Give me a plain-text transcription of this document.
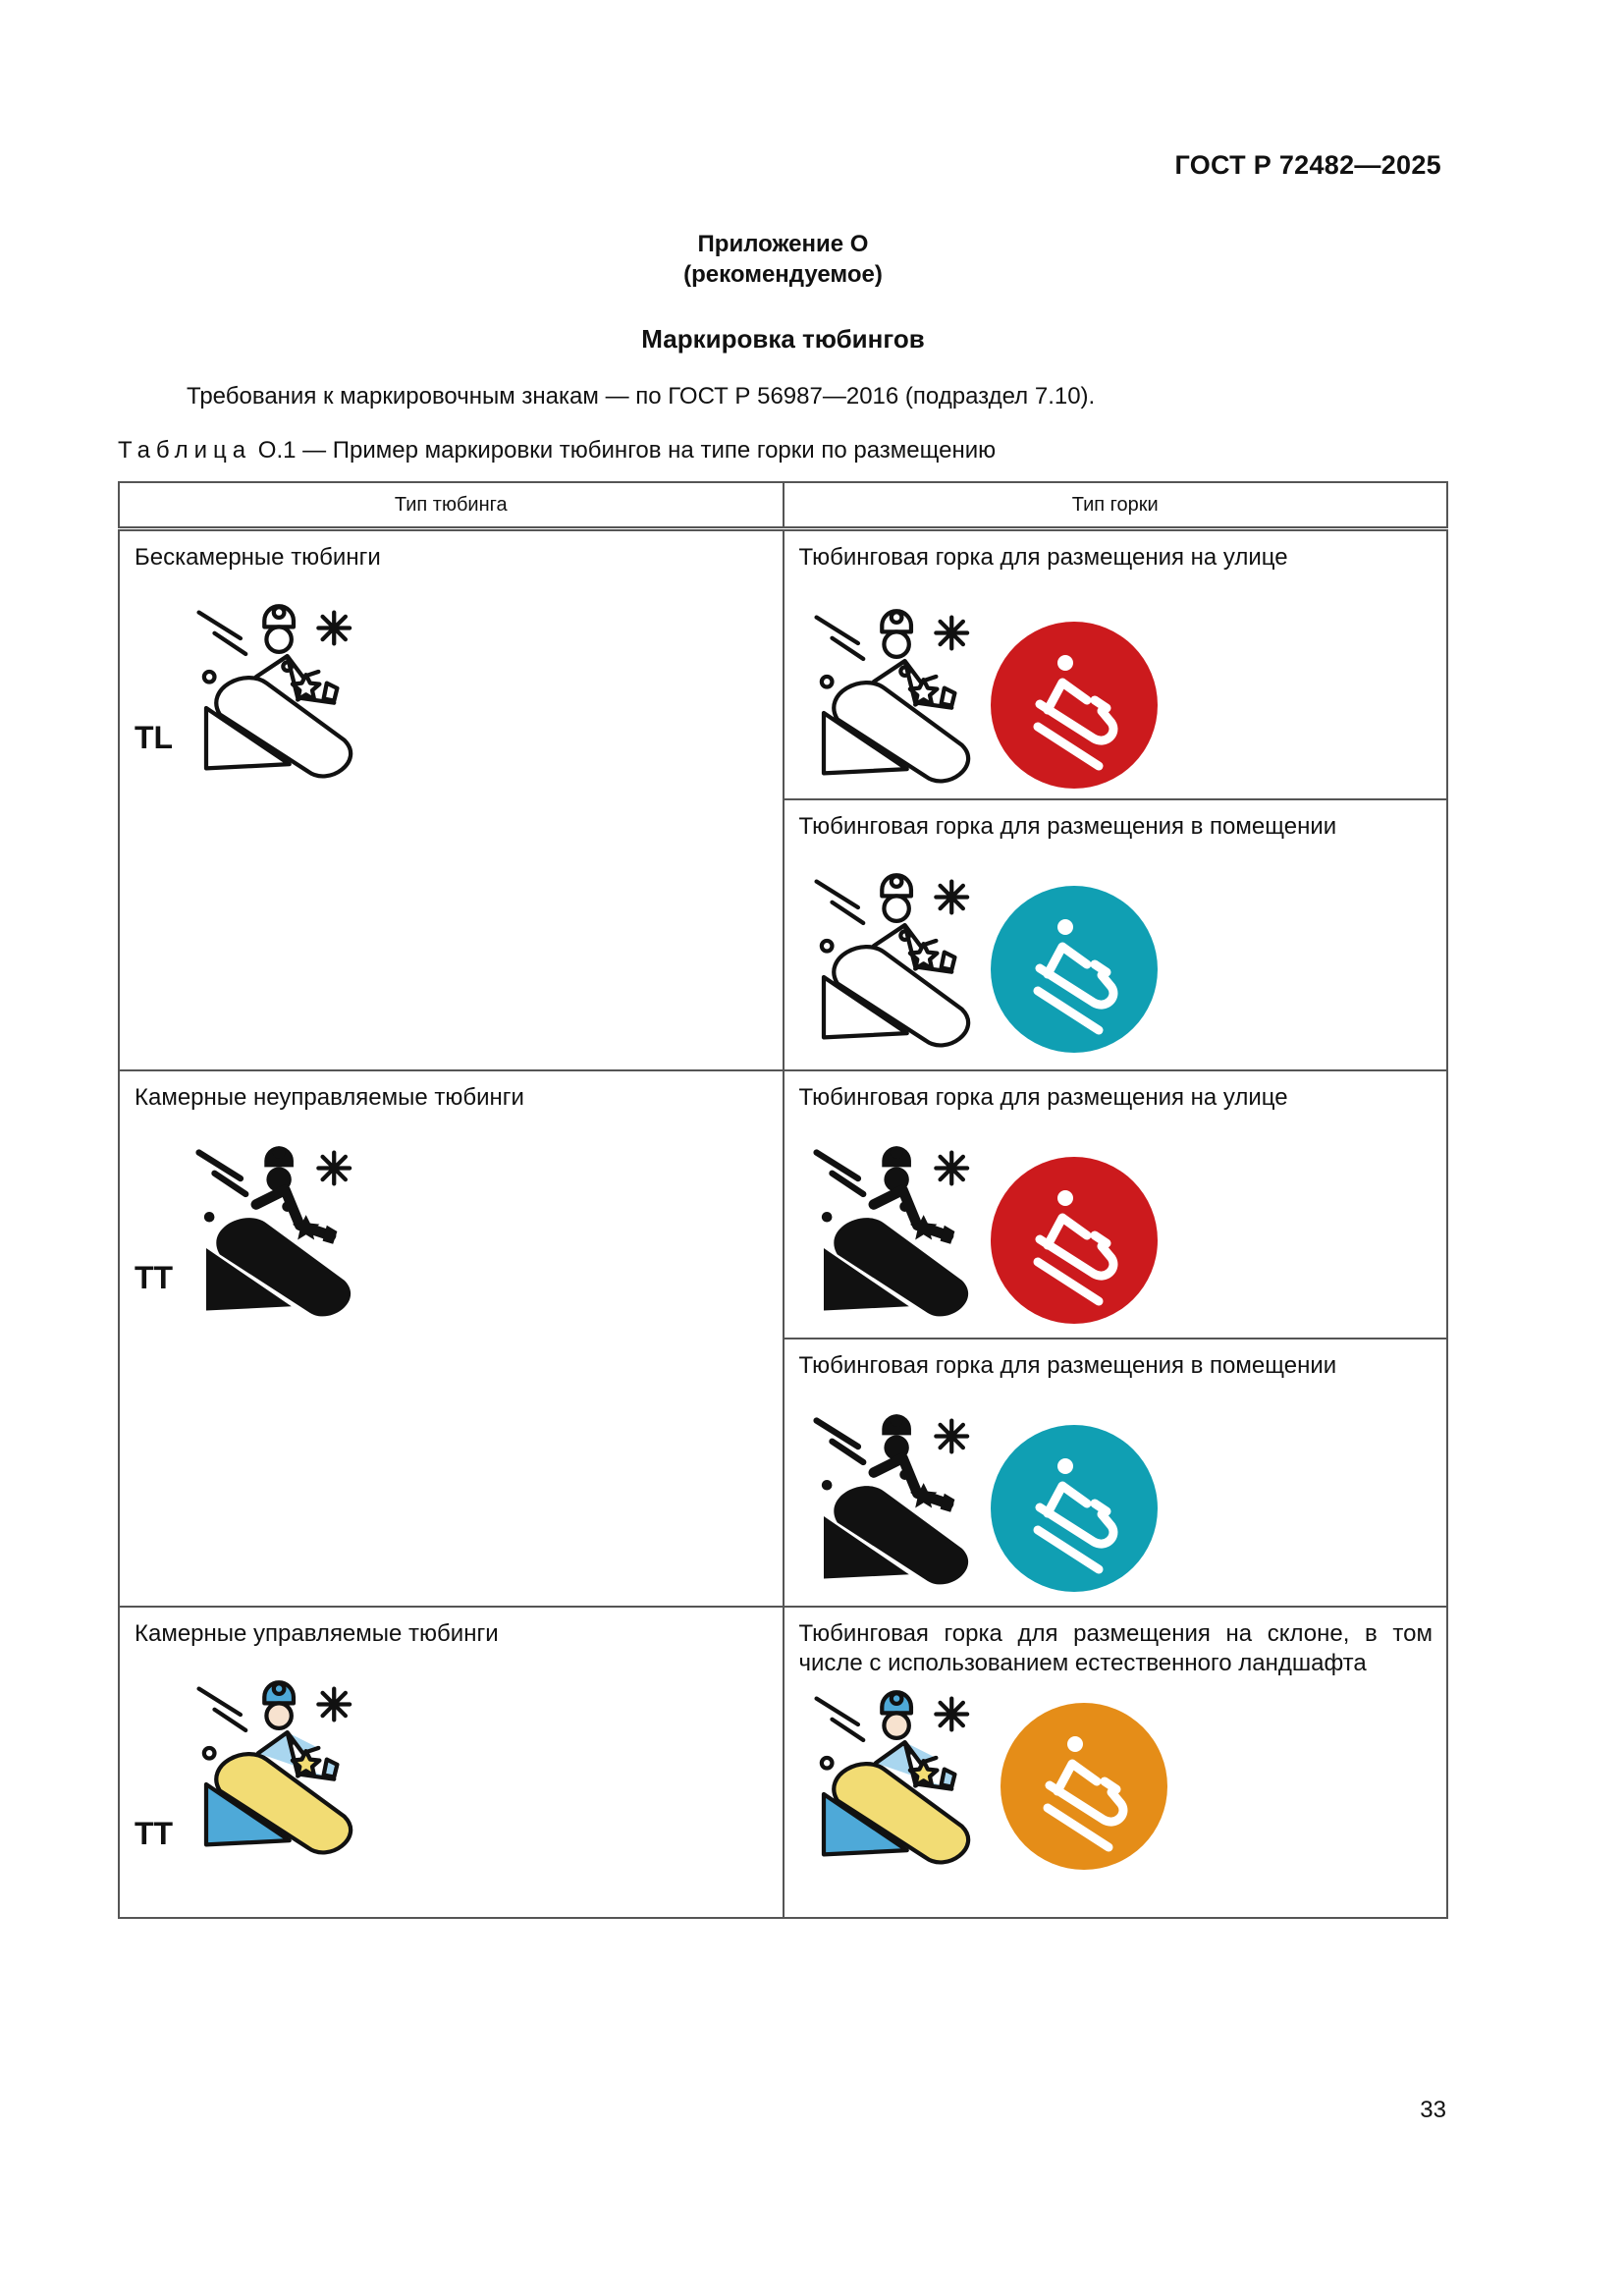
ГОСТ Р 72482—2025
Приложение О
(рекомендуемое)
Маркировка тюбингов
Требования к маркировочным знакам — по ГОСТ Р 56987—2016 (подраздел 7.10).
Таблица О.1 — Пример маркировки тюбингов на типе горки по размещению
Тип тюбинга	Тип горки

Бескамерные тюбинги
TL	Тюбинговая горка для размещения на улице

	Тюбинговая горка для размещения в помещении

Камерные неуправляемые тюбинги
TT	Тюбинговая горка для размещения на улице

	Тюбинговая горка для размещения в помещении

Камерные управляемые тюбинги
TT	Тюбинговая горка для размещения на склоне, в том числе с использованием естественного ландшафта
33
